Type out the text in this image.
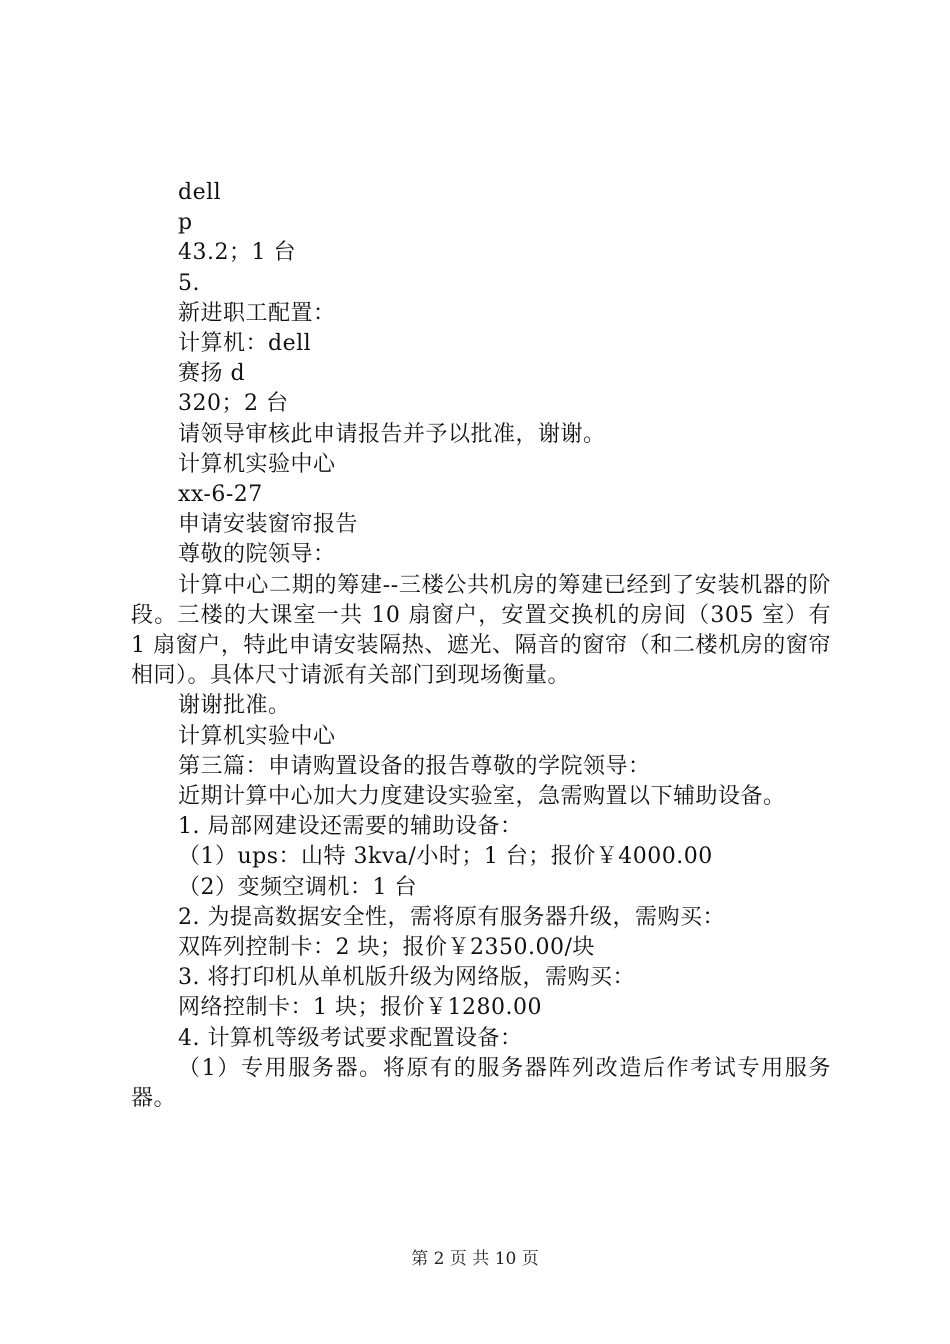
dell
p
43.2；1 台
5.
新进职工配置：
计算机：dell
赛扬 d
320；2 台
请领导审核此申请报告并予以批准，谢谢。
计算机实验中心
xx-6-27
申请安装窗帘报告
尊敬的院领导：
计算中心二期的筹建--三楼公共机房的筹建已经到了安装机器的阶段。三楼的大课室一共 10 扇窗户，安置交换机的房间（305 室）有 1 扇窗户，特此申请安装隔热、遮光、隔音的窗帘（和二楼机房的窗帘相同）。具体尺寸请派有关部门到现场衡量。
谢谢批准。
计算机实验中心
第三篇：申请购置设备的报告尊敬的学院领导：
近期计算中心加大力度建设实验室，急需购置以下辅助设备。
1. 局部网建设还需要的辅助设备：
（1）ups：山特 3kva/小时；1 台；报价￥4000.00
（2）变频空调机：1 台
2. 为提高数据安全性，需将原有服务器升级，需购买：
双阵列控制卡：2 块；报价￥2350.00/块
3. 将打印机从单机版升级为网络版，需购买：
网络控制卡：1 块；报价￥1280.00
4. 计算机等级考试要求配置设备：
（1）专用服务器。将原有的服务器阵列改造后作考试专用服务器。
第 2 页 共 10 页
